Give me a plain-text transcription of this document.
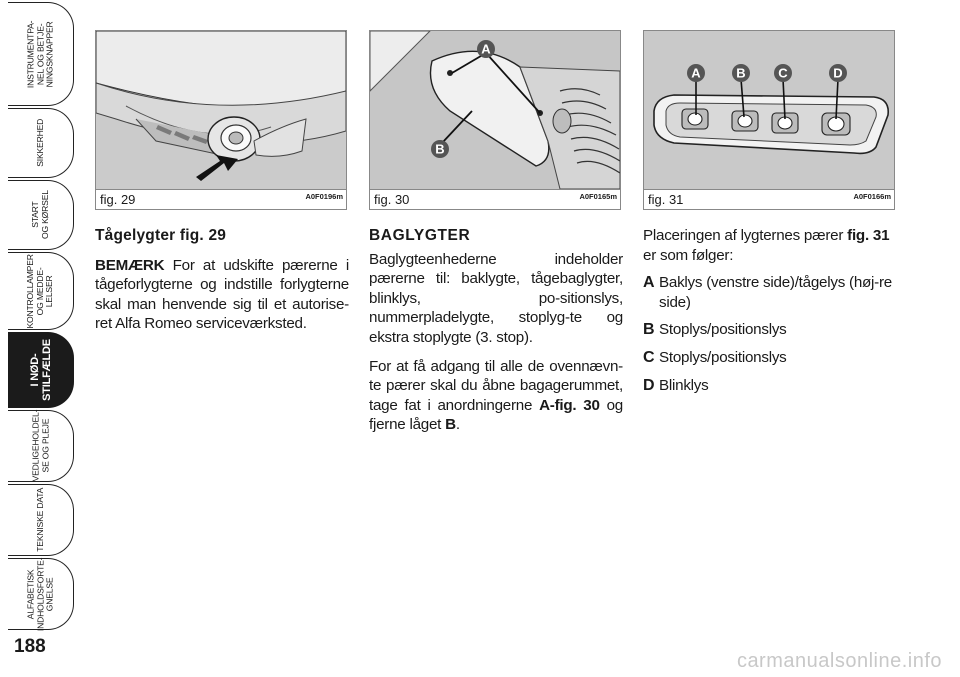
INSTRUMENTPA- NEL OG BETJE- NINGSKNAPPER
SIKKERHED
START OG KØRSEL
KONTROLLAMPER OG MEDDE- LELSER
I NØD- STILFÆLDE
VEDLIGEHOLDEL- SE OG PLEJE
TEKNISKE DATA
ALFABETISK INDHOLDSFORTE- GNELSE
188
fig. 29	A0F0196m
A
B
fig. 30	A0F0165m
A	B	C	D
fig. 31	A0F0166m
Tågelygter fig. 29

BEMÆRK For at udskifte pærerne i tågeforlygterne og indstille forlygterne skal man henvende sig til et autorise-ret Alfa Romeo serviceværksted.

BAGLYGTER

Baglygteenhederne indeholder pærerne til: baklygte, tågebaglygter, blinklys, po-sitionslys, nummerpladelygte, stoplyg-te og ekstra stoplygte (3. stop).

For at få adgang til alle de ovennævn-te pærer skal du åbne bagagerummet, tage fat i anordningerne A-fig. 30 og fjerne låget B.

Placeringen af lygternes pærer fig. 31 er som følger:

A Baklys (venstre side)/tågelys (høj-re side)
B Stoplys/positionslys
C Stoplys/positionslys
D Blinklys
carmanualsonline.info
